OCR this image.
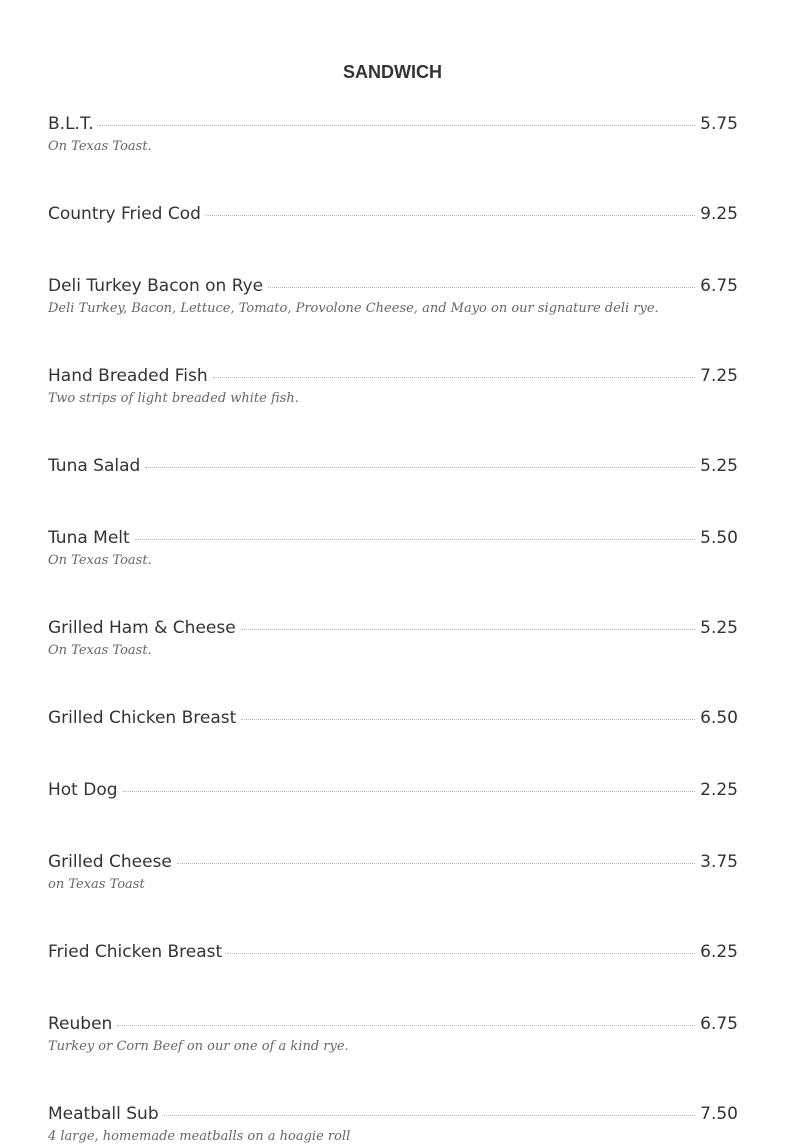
SANDWICH
B.L.T.	5.75
On Texas Toast.
Country Fried Cod	9.25
Deli Turkey Bacon on Rye	6.75
Deli Turkey, Bacon, Lettuce, Tomato, Provolone Cheese, and Mayo on our signature deli rye.
Hand Breaded Fish	7.25
Two strips of light breaded white fish.
Tuna Salad	5.25
Tuna Melt	5.50
On Texas Toast.
Grilled Ham & Cheese	5.25
On Texas Toast.
Grilled Chicken Breast	6.50
Hot Dog	2.25
Grilled Cheese	3.75
on Texas Toast
Fried Chicken Breast	6.25
Reuben	6.75
Turkey or Corn Beef on our one of a kind rye.
Meatball Sub	7.50
4 large, homemade meatballs on a hoagie roll
